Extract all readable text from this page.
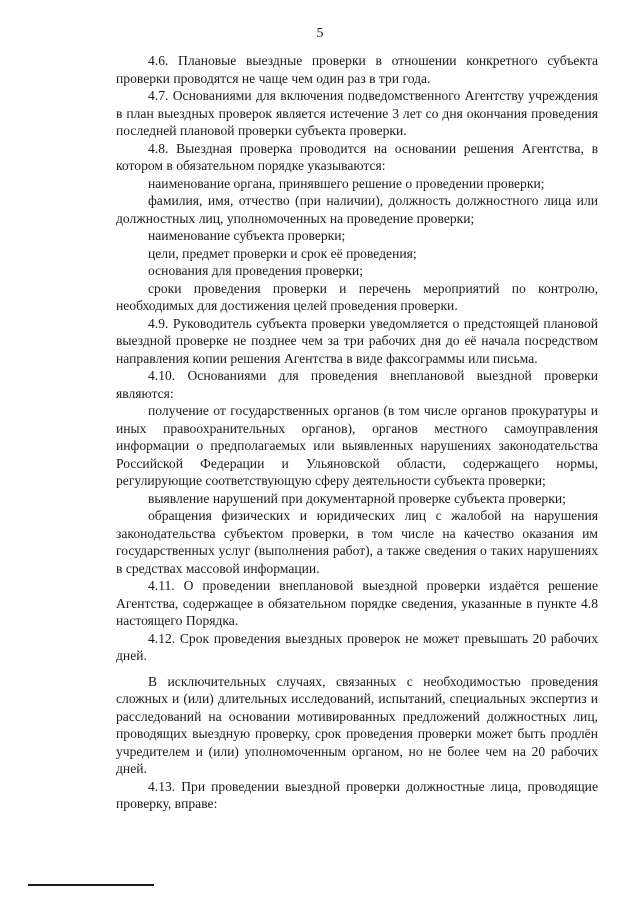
5

4.6. Плановые выездные проверки в отношении конкретного субъекта проверки проводятся не чаще чем один раз в три года.

4.7. Основаниями для включения подведомственного Агентству учреждения в план выездных проверок является истечение 3 лет со дня окончания проведения последней плановой проверки субъекта проверки.

4.8. Выездная проверка проводится на основании решения Агентства, в котором в обязательном порядке указываются:

наименование органа, принявшего решение о проведении проверки;

фамилия, имя, отчество (при наличии), должность должностного лица или должностных лиц, уполномоченных на проведение проверки;

наименование субъекта проверки;

цели, предмет проверки и срок её проведения;

основания для проведения проверки;

сроки проведения проверки и перечень мероприятий по контролю, необходимых для достижения целей проведения проверки.

4.9. Руководитель субъекта проверки уведомляется о предстоящей плановой выездной проверке не позднее чем за три рабочих дня до её начала посредством направления копии решения Агентства в виде факсограммы или письма.

4.10. Основаниями для проведения внеплановой выездной проверки являются:

получение от государственных органов (в том числе органов прокуратуры и иных правоохранительных органов), органов местного самоуправления информации о предполагаемых или выявленных нарушениях законодательства Российской Федерации и Ульяновской области, содержащего нормы, регулирующие соответствующую сферу деятельности субъекта проверки;

выявление нарушений при документарной проверке субъекта проверки;

обращения физических и юридических лиц с жалобой на нарушения законодательства субъектом проверки, в том числе на качество оказания им государственных услуг (выполнения работ), а также сведения о таких нарушениях в средствах массовой информации.

4.11. О проведении внеплановой выездной проверки издаётся решение Агентства, содержащее в обязательном порядке сведения, указанные в пункте 4.8 настоящего Порядка.

4.12. Срок проведения выездных проверок не может превышать 20 рабочих дней.

В исключительных случаях, связанных с необходимостью проведения сложных и (или) длительных исследований, испытаний, специальных экспертиз и расследований на основании мотивированных предложений должностных лиц, проводящих выездную проверку, срок проведения проверки может быть продлён учредителем и (или) уполномоченным органом, но не более чем на 20 рабочих дней.

4.13. При проведении выездной проверки должностные лица, проводящие проверку, вправе:
